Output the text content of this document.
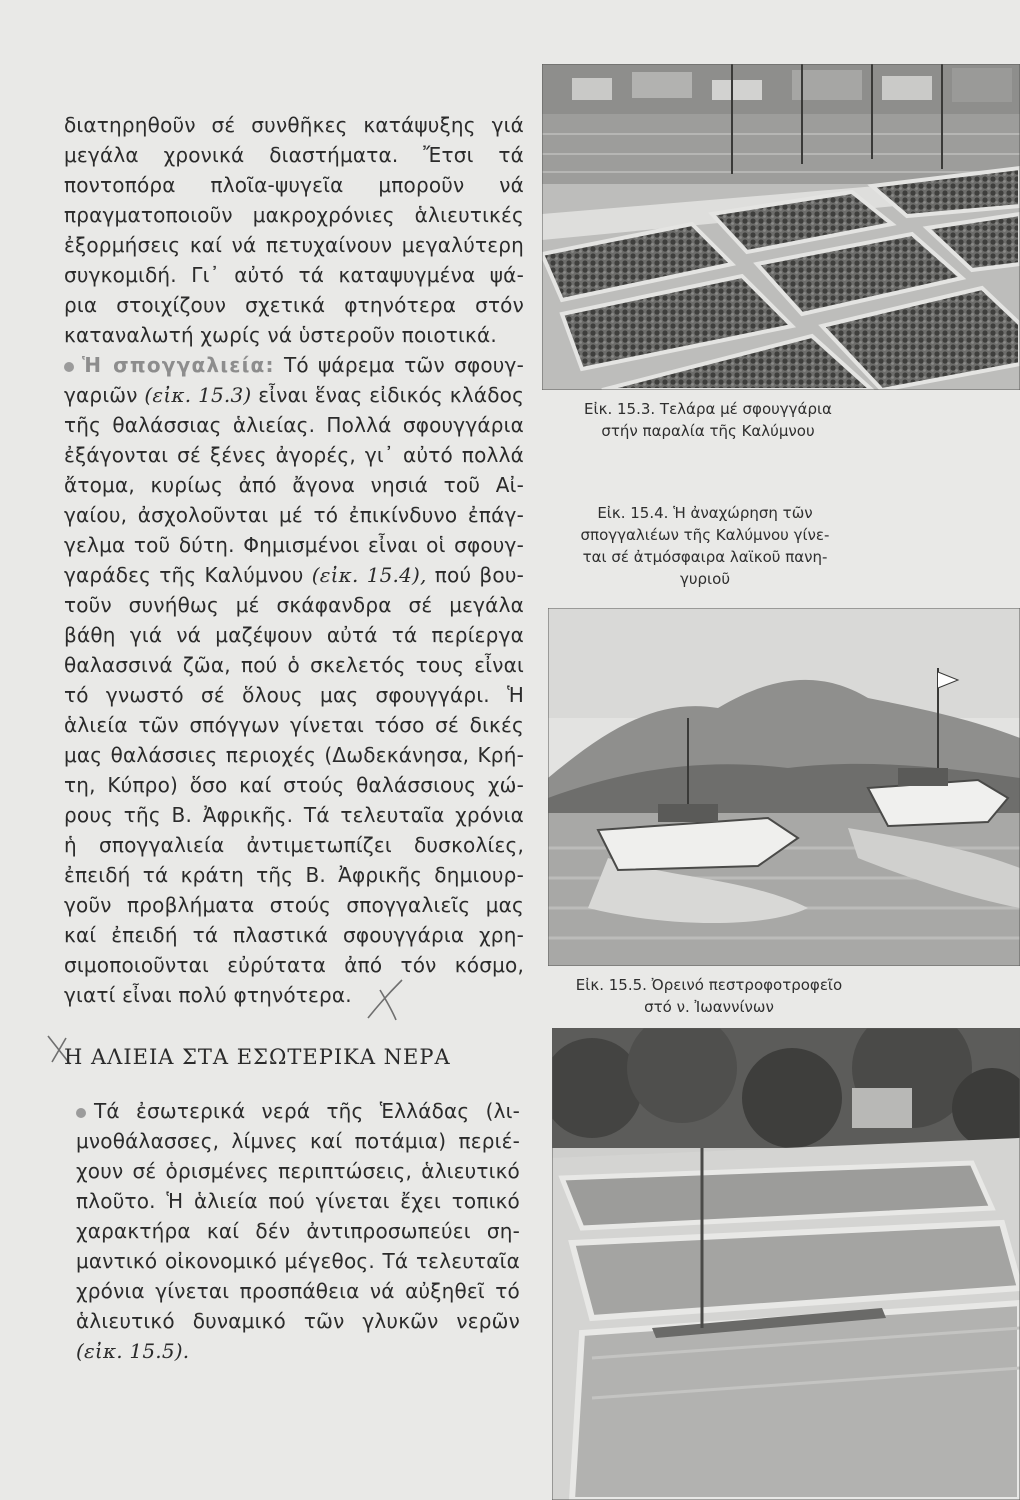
διατηρηθοῦν σέ συνθῆκες κατάψυξης γιά
μεγάλα χρονικά διαστήματα. Ἔτσι τά
ποντοπόρα πλοῖα-ψυγεῖα μποροῦν νά
πραγματοποιοῦν μακροχρόνιες ἁλιευτικές
ἐξορμήσεις καί νά πετυχαίνουν μεγαλύτερη
συγκομιδή. Γι᾽ αὐτό τά καταψυγμένα ψά-
ρια στοιχίζουν σχετικά φτηνότερα στόν
καταναλωτή χωρίς νά ὑστεροῦν ποιοτικά.
Ἡ σπογγαλιεία: Τό ψάρεμα τῶν σφουγ-
γαριῶν (εἰκ. 15.3) εἶναι ἕνας εἰδικός κλάδος
τῆς θαλάσσιας ἁλιείας. Πολλά σφουγγάρια
ἐξάγονται σέ ξένες ἀγορές, γι᾽ αὐτό πολλά
ἄτομα, κυρίως ἀπό ἄγονα νησιά τοῦ Αἰ-
γαίου, ἀσχολοῦνται μέ τό ἐπικίνδυνο ἐπάγ-
γελμα τοῦ δύτη. Φημισμένοι εἶναι οἱ σφουγ-
γαράδες τῆς Καλύμνου (εἰκ. 15.4), πού βου-
τοῦν συνήθως μέ σκάφανδρα σέ μεγάλα
βάθη γιά νά μαζέψουν αὐτά τά περίεργα
θαλασσινά ζῶα, πού ὁ σκελετός τους εἶναι
τό γνωστό σέ ὅλους μας σφουγγάρι. Ἡ
ἁλιεία τῶν σπόγγων γίνεται τόσο σέ δικές
μας θαλάσσιες περιοχές (Δωδεκάνησα, Κρή-
τη, Κύπρο) ὅσο καί στούς θαλάσσιους χώ-
ρους τῆς Β. Ἀφρικῆς. Τά τελευταῖα χρόνια
ἡ σπογγαλιεία ἀντιμετωπίζει δυσκολίες,
ἐπειδή τά κράτη τῆς Β. Ἀφρικῆς δημιουρ-
γοῦν προβλήματα στούς σπογγαλιεῖς μας
καί ἐπειδή τά πλαστικά σφουγγάρια χρη-
σιμοποιοῦνται εὐρύτατα ἀπό τόν κόσμο,
γιατί εἶναι πολύ φτηνότερα.
Η ΑΛΙΕΙΑ ΣΤΑ ΕΣΩΤΕΡΙΚΑ ΝΕΡΑ
Τά ἐσωτερικά νερά τῆς Ἑλλάδας (λι-
μνοθάλασσες, λίμνες καί ποτάμια) περιέ-
χουν σέ ὁρισμένες περιπτώσεις, ἁλιευτικό
πλοῦτο. Ἡ ἁλιεία πού γίνεται ἔχει τοπικό
χαρακτήρα καί δέν ἀντιπροσωπεύει ση-
μαντικό οἰκονομικό μέγεθος. Τά τελευταῖα
χρόνια γίνεται προσπάθεια νά αὐξηθεῖ τό
ἁλιευτικό δυναμικό τῶν γλυκῶν νερῶν
(εἰκ. 15.5).
Εἰκ. 15.3. Τελάρα μέ σφουγγάρια
στήν παραλία τῆς Καλύμνου
Εἰκ. 15.4. Ἡ ἀναχώρηση τῶν
σπογγαλιέων τῆς Καλύμνου γίνε-
ται σέ ἀτμόσφαιρα λαϊκοῦ πανη-
γυριοῦ
Εἰκ. 15.5. Ὀρεινό πεστροφοτροφεῖο
στό ν. Ἰωαννίνων
